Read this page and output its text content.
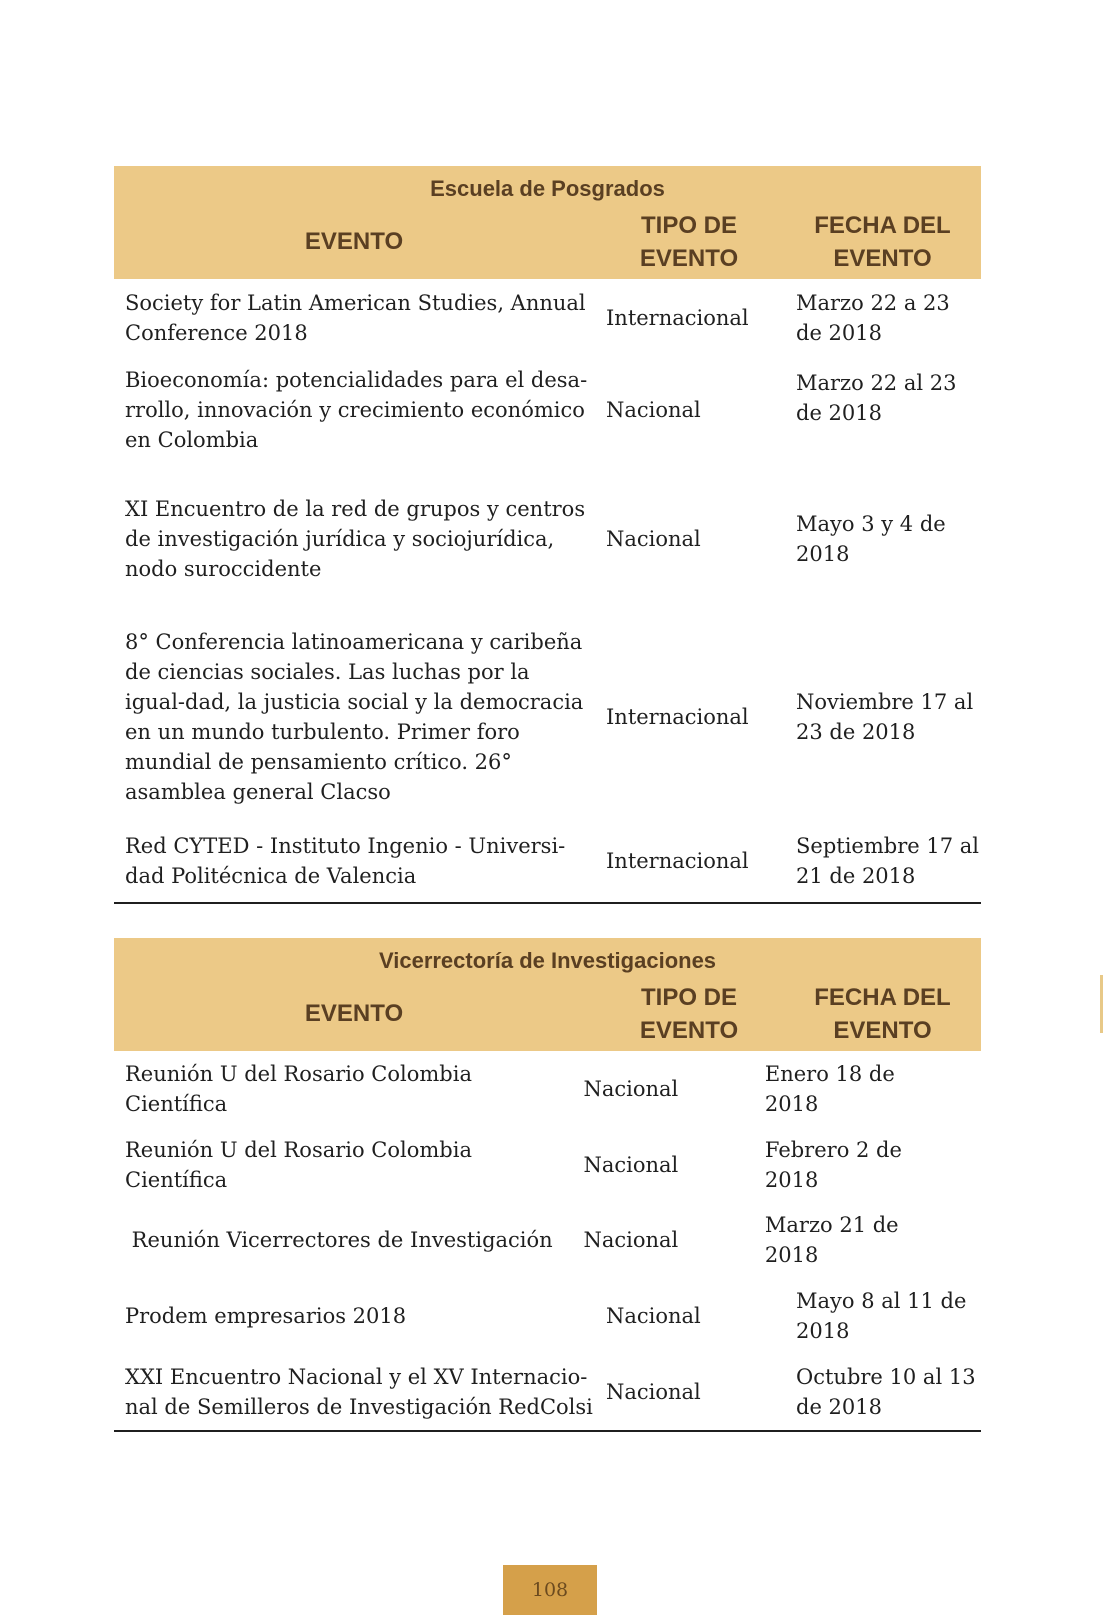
Escuela de Posgrados
EVENTO
TIPO DE EVENTO
FECHA DEL EVENTO
Society for Latin American Studies, Annual Conference 2018
Internacional
Marzo 22 a 23 de 2018
Bioeconomía: potencialidades para el desa-rrollo, innovación y crecimiento económico en Colombia
Nacional
Marzo 22 al 23 de 2018
XI Encuentro de la red de grupos y centros de investigación jurídica y sociojurídica, nodo suroccidente
Nacional
Mayo 3 y 4 de 2018
8° Conferencia latinoamericana y caribeña de ciencias sociales. Las luchas por la igual-dad, la justicia social y la democracia en un mundo turbulento. Primer foro mundial de pensamiento crítico. 26° asamblea general Clacso
Internacional
Noviembre 17 al 23 de 2018
Red CYTED - Instituto Ingenio - Universi-dad Politécnica de Valencia
Internacional
Septiembre 17 al 21 de 2018
Vicerrectoría de Investigaciones
EVENTO
TIPO DE EVENTO
FECHA DEL EVENTO
Reunión U del Rosario Colombia Científica
Nacional
Enero 18 de 2018
Reunión U del Rosario Colombia Científica
Nacional
Febrero 2 de 2018
Reunión Vicerrectores de Investigación	Nacional
Marzo 21 de 2018
Prodem empresarios 2018	Nacional
Mayo 8 al 11 de 2018
XXI Encuentro Nacional y el XV Internacio-nal de Semilleros de Investigación RedColsi
Nacional
Octubre 10 al 13 de 2018
108
